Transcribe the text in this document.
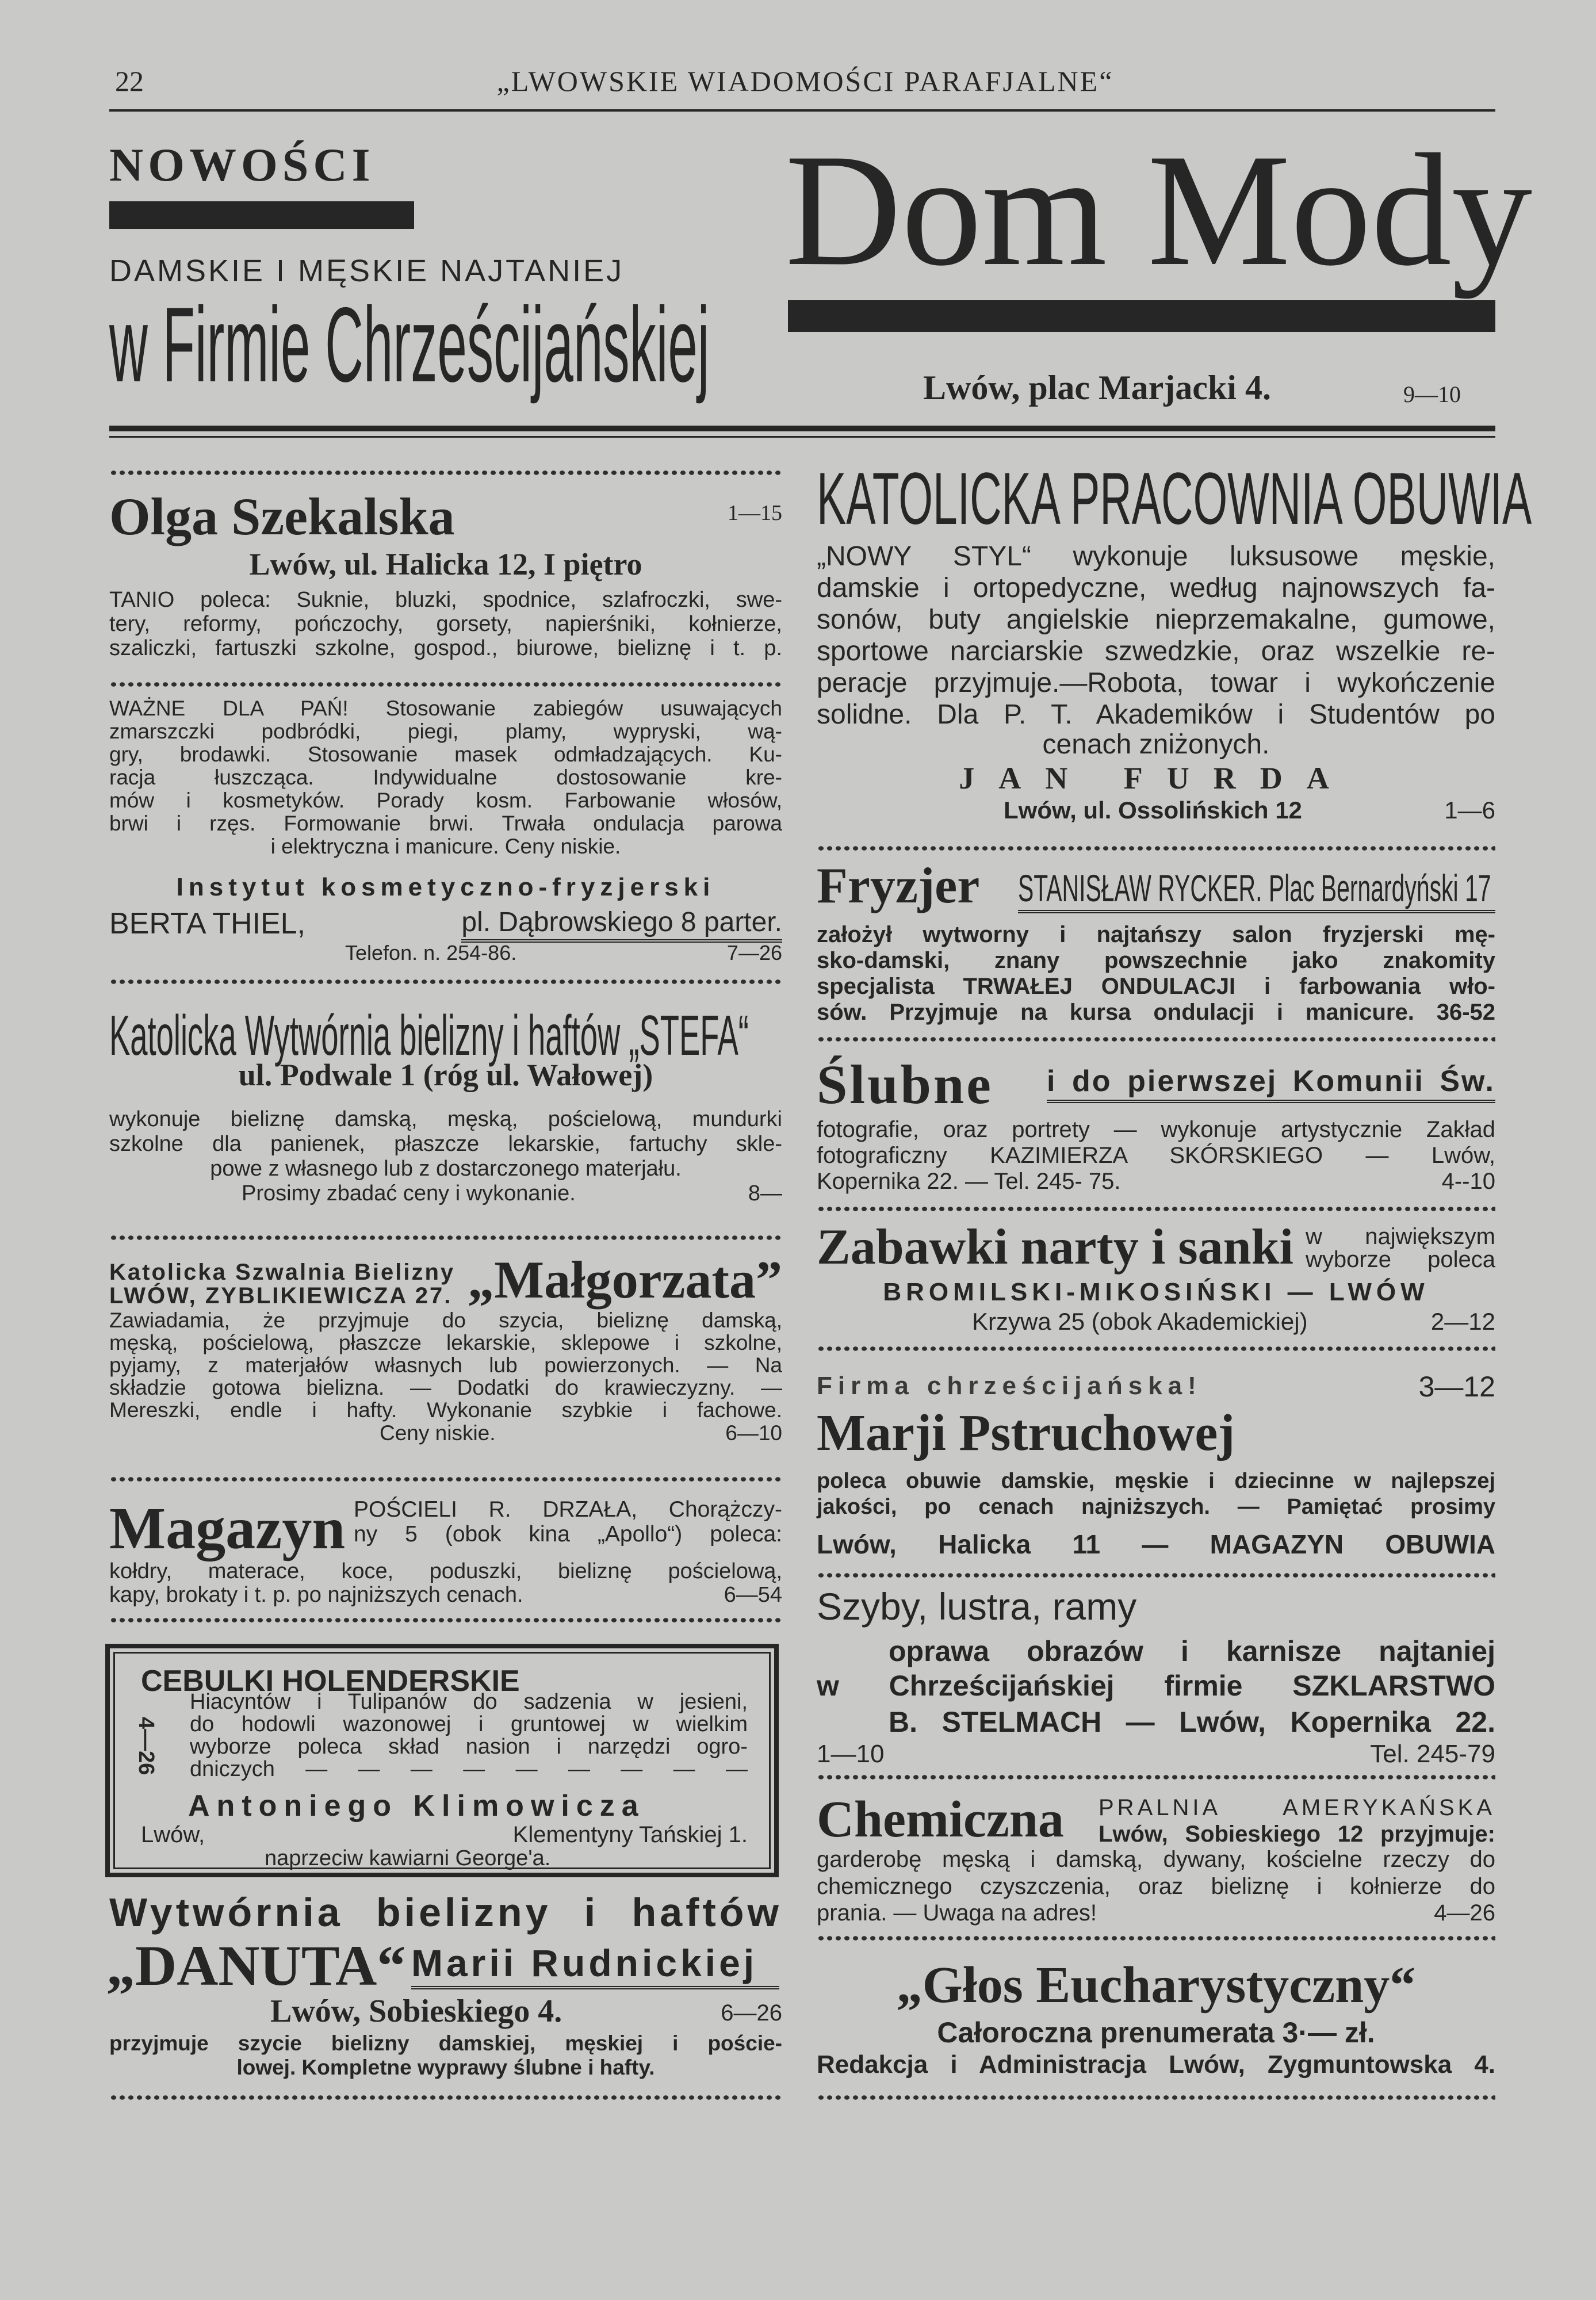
22	„LWOWSKIE WIADOMOŚCI PARAFJALNE“
NOWOŚCI
DAMSKIE I MĘSKIE NAJTANIEJ
w Firmie Chrześcijańskiej
Dom Mody
Lwów, plac Marjacki 4.	9—10
Olga Szekalska	1—15
Lwów, ul. Halicka 12, I piętro
TANIO poleca: Suknie, bluzki, spodnice, szlafroczki, swe-
tery, reformy, pończochy, gorsety, napierśniki, kołnierze,
szaliczki, fartuszki szkolne, gospod., biurowe, bieliznę i t. p.
WAŻNE DLA PAŃ! Stosowanie zabiegów usuwających
zmarszczki podbródki, piegi, plamy, wypryski, wą-
gry, brodawki. Stosowanie masek odmładzających. Ku-
racja łuszcząca. Indywidualne dostosowanie kre-
mów i kosmetyków. Porady kosm. Farbowanie włosów,
brwi i rzęs. Formowanie brwi. Trwała ondulacja parowa
i elektryczna i manicure. Ceny niskie.
Instytut kosmetyczno-fryzjerski
BERTA THIEL,	pl. Dąbrowskiego 8 parter.
Telefon. n. 254-86.	7—26
Katolicka Wytwórnia bielizny i haftów „STEFA“
ul. Podwale 1 (róg ul. Wałowej)
wykonuje bieliznę damską, męską, pościelową, mundurki
szkolne dla panienek, płaszcze lekarskie, fartuchy skle-
powe z własnego lub z dostarczonego materjału.
Prosimy zbadać ceny i wykonanie.	8—
Katolicka Szwalnia Bielizny
LWÓW, ZYBLIKIEWICZA 27. „Małgorzata”
Zawiadamia, że przyjmuje do szycia, bieliznę damską,
męską, pościelową, płaszcze lekarskie, sklepowe i szkolne,
pyjamy, z materjałów własnych lub powierzonych. — Na
składzie gotowa bielizna. — Dodatki do krawieczyzny. —
Mereszki, endle i hafty. Wykonanie szybkie i fachowe.
Ceny niskie.	6—10
Magazyn POŚCIELI R. DRZAŁA, Chorążczy-
ny 5 (obok kina „Apollo“) poleca:
kołdry, materace, koce, poduszki, bieliznę pościelową,
kapy, brokaty i t. p. po najniższych cenach.	6—54
CEBULKI HOLENDERSKIE
4—26
Hiacyntów i Tulipanów do sadzenia w jesieni,
do hodowli wazonowej i gruntowej w wielkim
wyborze poleca skład nasion i narzędzi ogro-
dniczych — — — — — — — — —
Antoniego Klimowicza
Lwów,	Klementyny Tańskiej 1.
naprzeciw kawiarni George'a.
Wytwórnia bielizny i haftów
„DANUTA“ Marii Rudnickiej
Lwów, Sobieskiego 4.	6—26
przyjmuje szycie bielizny damskiej, męskiej i poście-
lowej. Kompletne wyprawy ślubne i hafty.
KATOLICKA PRACOWNIA OBUWIA
„NOWY STYL“ wykonuje luksusowe męskie,
damskie i ortopedyczne, według najnowszych fa-
sonów, buty angielskie nieprzemakalne, gumowe,
sportowe narciarskie szwedzkie, oraz wszelkie re-
peracje przyjmuje.—Robota, towar i wykończenie
solidne. Dla P. T. Akademików i Studentów po
cenach zniżonych.
JAN FURDA
Lwów, ul. Ossolińskich 12	1—6
Fryzjer STANISŁAW RYCKER. Plac Bernardyński 17
założył wytworny i najtańszy salon fryzjerski mę-
sko-damski, znany powszechnie jako znakomity
specjalista TRWAŁEJ ONDULACJI i farbowania wło-
sów. Przyjmuje na kursa ondulacji i manicure. 36-52
Ślubne i do pierwszej Komunii Św.
fotografie, oraz portrety — wykonuje artystycznie Zakład
fotograficzny KAZIMIERZA SKÓRSKIEGO — Lwów,
Kopernika 22. — Tel. 245- 75.	4--10
Zabawki narty i sanki w największym
wyborze poleca
BROMILSKI-MIKOSIŃSKI — LWÓW
Krzywa 25 (obok Akademickiej)	2—12
Firma chrześcijańska!	3—12
Marji Pstruchowej
poleca obuwie damskie, męskie i dziecinne w najlepszej
jakości, po cenach najniższych. — Pamiętać prosimy
Lwów, Halicka 11 — MAGAZYN OBUWIA
Szyby, lustra, ramy
oprawa obrazów i karnisze najtaniej
w Chrześcijańskiej firmie SZKLARSTWO
B. STELMACH — Lwów, Kopernika 22.
1—10	Tel. 245-79
Chemiczna PRALNIA AMERYKAŃSKA
Lwów, Sobieskiego 12 przyjmuje:
garderobę męską i damską, dywany, kościelne rzeczy do
chemicznego czyszczenia, oraz bieliznę i kołnierze do
prania. — Uwaga na adres!	4—26
„Głos Eucharystyczny“
Całoroczna prenumerata 3·— zł.
Redakcja i Administracja Lwów, Zygmuntowska 4.
